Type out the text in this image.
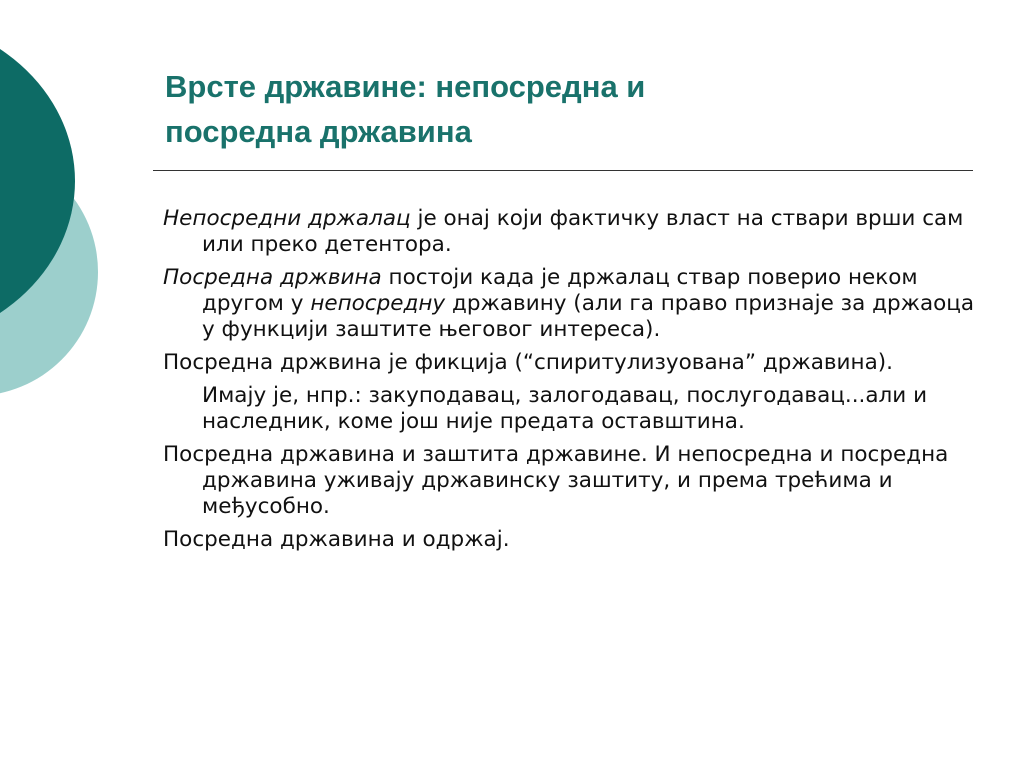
Врсте државине: непосредна и
посредна државина

Непосредни држалац је онај који фактичку власт на ствари врши сам или преко детентора.

Посредна држвина постоји када је држалац ствар поверио неком другом у непосредну државину (али га право признаје за држаоца у функцији заштите његовог интереса).

Посредна држвина је фикција (“спиритулизуована” државина).

Имају је, нпр.: закуподавац, залогодавац, послугодавац...али и наследник, коме још није предата оставштина.

Посредна државина и заштита државине. И непосредна и посредна државина уживају државинску заштиту, и према трећима и међусобно.

Посредна државина и одржај.
